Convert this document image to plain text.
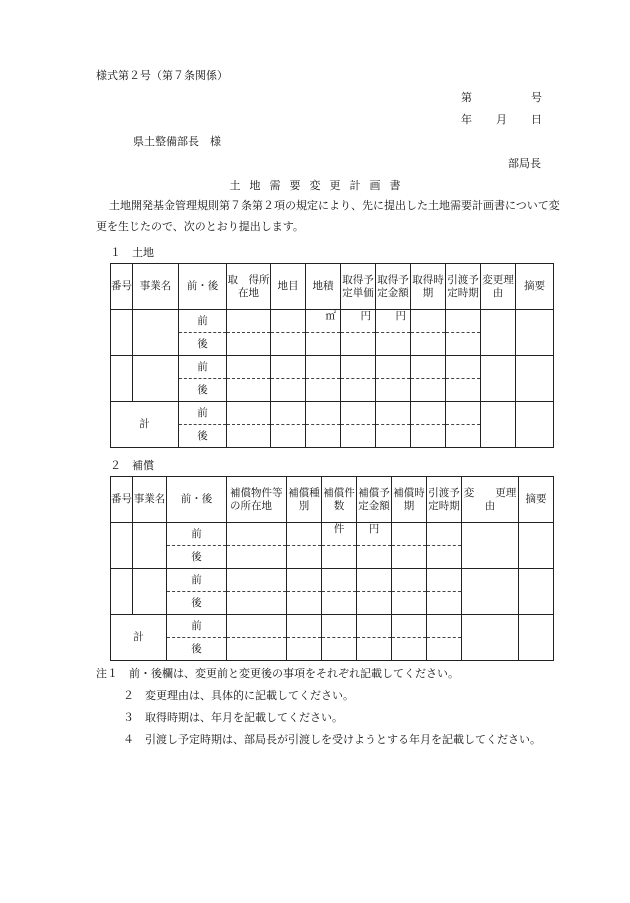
様式第２号（第７条関係）
第	号
年 月 日
県土整備部長　様
部局長
土 地 需 要 変 更 計 画 書

土地開発基金管理規則第７条第２項の規定により、先に提出した土地需要計画書について変更を生じたので、次のとおり提出します。

１　土地
番号	事業名	前・後	取　得所在地	地目	地積	取得予定単価	取得予定金額	取得時期	引渡予定時期	変更理由	摘要
		前			㎡	円	円				
		後									
		前									
		後									
計		前									
		後									
２　補償
番号	事業名	前・後	補償物件等の所在地	補償種別	補償件数	補償予定金額	補償時期	引渡予定時期	変　　更理　　由	摘要
		前			件	円				
		後								
		前								
		後								
計		前								
		後								
注１　前・後欄は、変更前と変更後の事項をそれぞれ記載してください。
２　変更理由は、具体的に記載してください。
３　取得時期は、年月を記載してください。
４　引渡し予定時期は、部局長が引渡しを受けようとする年月を記載してください。
